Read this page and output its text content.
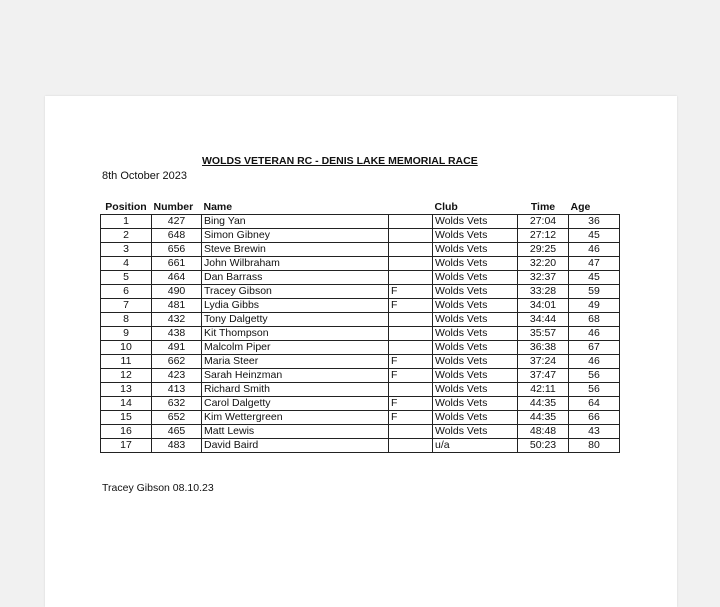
WOLDS VETERAN RC - DENIS LAKE MEMORIAL RACE
8th October 2023
Position	Number	Name		Club	Time	Age
1	427	Bing Yan		Wolds Vets	27:04	36
2	648	Simon Gibney		Wolds Vets	27:12	45
3	656	Steve Brewin		Wolds Vets	29:25	46
4	661	John Wilbraham		Wolds Vets	32:20	47
5	464	Dan Barrass		Wolds Vets	32:37	45
6	490	Tracey Gibson	F	Wolds Vets	33:28	59
7	481	Lydia Gibbs	F	Wolds Vets	34:01	49
8	432	Tony Dalgetty		Wolds Vets	34:44	68
9	438	Kit Thompson		Wolds Vets	35:57	46
10	491	Malcolm Piper		Wolds Vets	36:38	67
11	662	Maria Steer	F	Wolds Vets	37:24	46
12	423	Sarah Heinzman	F	Wolds Vets	37:47	56
13	413	Richard Smith		Wolds Vets	42:11	56
14	632	Carol Dalgetty	F	Wolds Vets	44:35	64
15	652	Kim Wettergreen	F	Wolds Vets	44:35	66
16	465	Matt Lewis		Wolds Vets	48:48	43
17	483	David Baird		u/a	50:23	80
Tracey Gibson 08.10.23
